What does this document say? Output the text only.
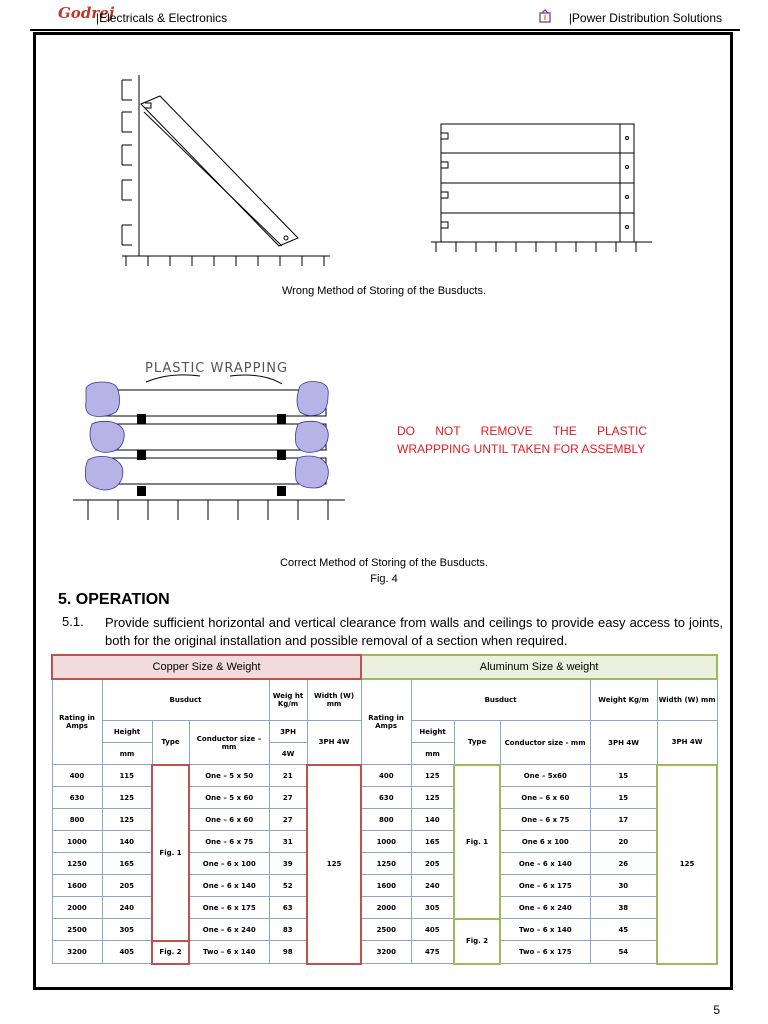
Godrej
|Electricals & Electronics	|Power Distribution Solutions
PLASTIC WRAPPING
Wrong Method of Storing of the Busducts.
DO NOT REMOVE THE PLASTIC WRAPPPING UNTIL TAKEN FOR ASSEMBLY
Correct Method of Storing of the Busducts.
Fig. 4
5. OPERATION
5.1. Provide sufficient horizontal and vertical clearance from walls and ceilings to provide easy access to joints, both for the original installation and possible removal of a section when required.
Copper Size & Weight						Aluminum Size & weight					
Rating in Amps	Busduct			Weig ht Kg/m	Width (W) mm	Rating in Amps	Busduct			Weight Kg/m	Width (W) mm
	Height	Type	Conductor size – mm	3PH	3PH 4W		Height	Type	Conductor size - mm	3PH 4W	3PH 4W
	mm			4W			mm				
400	115	Fig. 1	One – 5 x 50	21	125	400	125	Fig. 1	One – 5x60	15	125
630	125		One – 5 x 60	27		630	125		One – 6 x 60	15	
800	125		One – 6 x 60	27		800	140		One – 6 x 75	17	
1000	140		One – 6 x 75	31		1000	165		One 6 x 100	20	
1250	165		One – 6 x 100	39		1250	205		One – 6 x 140	26	
1600	205		One – 6 x 140	52		1600	240		One – 6 x 175	30	
2000	240		One – 6 x 175	63		2000	305		One – 6 x 240	38	
2500	305		One – 6 x 240	83		2500	405	Fig. 2	Two – 6 x 140	45	
3200	405	Fig. 2	Two – 6 x 140	98		3200	475		Two – 6 x 175	54	
5
